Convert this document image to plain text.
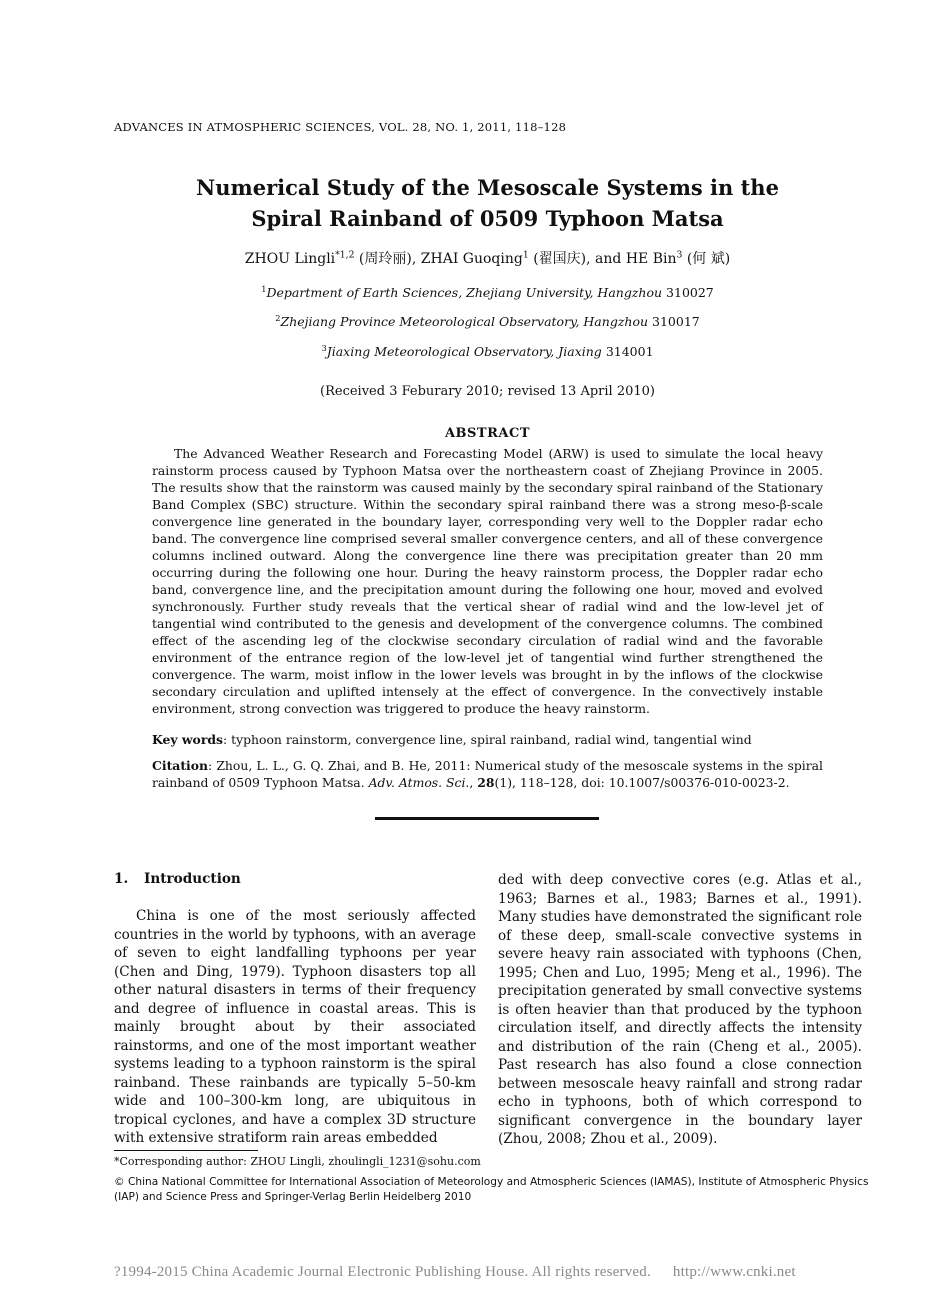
ADVANCES IN ATMOSPHERIC SCIENCES, VOL. 28, NO. 1, 2011, 118–128
Numerical Study of the Mesoscale Systems in the
Spiral Rainband of 0509 Typhoon Matsa
ZHOU Lingli$^{*1,2}$ (周玲丽), ZHAI Guoqing$^1$ (翟国庆), and HE Bin$^3$ (何 斌)
$^1$Department of Earth Sciences, Zhejiang University, Hangzhou 310027
$^2$Zhejiang Province Meteorological Observatory, Hangzhou 310017
$^3$Jiaxing Meteorological Observatory, Jiaxing 314001
(Received 3 Feburary 2010; revised 13 April 2010)
ABSTRACT

The Advanced Weather Research and Forecasting Model (ARW) is used to simulate the local heavy rainstorm process caused by Typhoon Matsa over the northeastern coast of Zhejiang Province in 2005. The results show that the rainstorm was caused mainly by the secondary spiral rainband of the Stationary Band Complex (SBC) structure. Within the secondary spiral rainband there was a strong meso-β-scale convergence line generated in the boundary layer, corresponding very well to the Doppler radar echo band. The convergence line comprised several smaller convergence centers, and all of these convergence columns inclined outward. Along the convergence line there was precipitation greater than 20 mm occurring during the following one hour. During the heavy rainstorm process, the Doppler radar echo band, convergence line, and the precipitation amount during the following one hour, moved and evolved synchronously. Further study reveals that the vertical shear of radial wind and the low-level jet of tangential wind contributed to the genesis and development of the convergence columns. The combined effect of the ascending leg of the clockwise secondary circulation of radial wind and the favorable environment of the entrance region of the low-level jet of tangential wind further strengthened the convergence. The warm, moist inflow in the lower levels was brought in by the inflows of the clockwise secondary circulation and uplifted intensely at the effect of convergence. In the convectively instable environment, strong convection was triggered to produce the heavy rainstorm.

Key words: typhoon rainstorm, convergence line, spiral rainband, radial wind, tangential wind

Citation: Zhou, L. L., G. Q. Zhai, and B. He, 2011: Numerical study of the mesoscale systems in the spiral rainband of 0509 Typhoon Matsa. Adv. Atmos. Sci., 28(1), 118–128, doi: 10.1007/s00376-010-0023-2.

1. Introduction

China is one of the most seriously affected countries in the world by typhoons, with an average of seven to eight landfalling typhoons per year (Chen and Ding, 1979). Typhoon disasters top all other natural disasters in terms of their frequency and degree of influence in coastal areas. This is mainly brought about by their associated rainstorms, and one of the most important weather systems leading to a typhoon rainstorm is the spiral rainband. These rainbands are typically 5–50-km wide and 100–300-km long, are ubiquitous in tropical cyclones, and have a complex 3D structure with extensive stratiform rain areas embedded

ded with deep convective cores (e.g. Atlas et al., 1963; Barnes et al., 1983; Barnes et al., 1991). Many studies have demonstrated the significant role of these deep, small-scale convective systems in severe heavy rain associated with typhoons (Chen, 1995; Chen and Luo, 1995; Meng et al., 1996). The precipitation generated by small convective systems is often heavier than that produced by the typhoon circulation itself, and directly affects the intensity and distribution of the rain (Cheng et al., 2005). Past research has also found a close connection between mesoscale heavy rainfall and strong radar echo in typhoons, both of which correspond to significant convergence in the boundary layer (Zhou, 2008; Zhou et al., 2009).

*Corresponding author: ZHOU Lingli, zhoulingli_1231@sohu.com

© China National Committee for International Association of Meteorology and Atmospheric Sciences (IAMAS), Institute of Atmospheric Physics (IAP) and Science Press and Springer-Verlag Berlin Heidelberg 2010

?1994-2015 China Academic Journal Electronic Publishing House. All rights reserved. http://www.cnki.net
